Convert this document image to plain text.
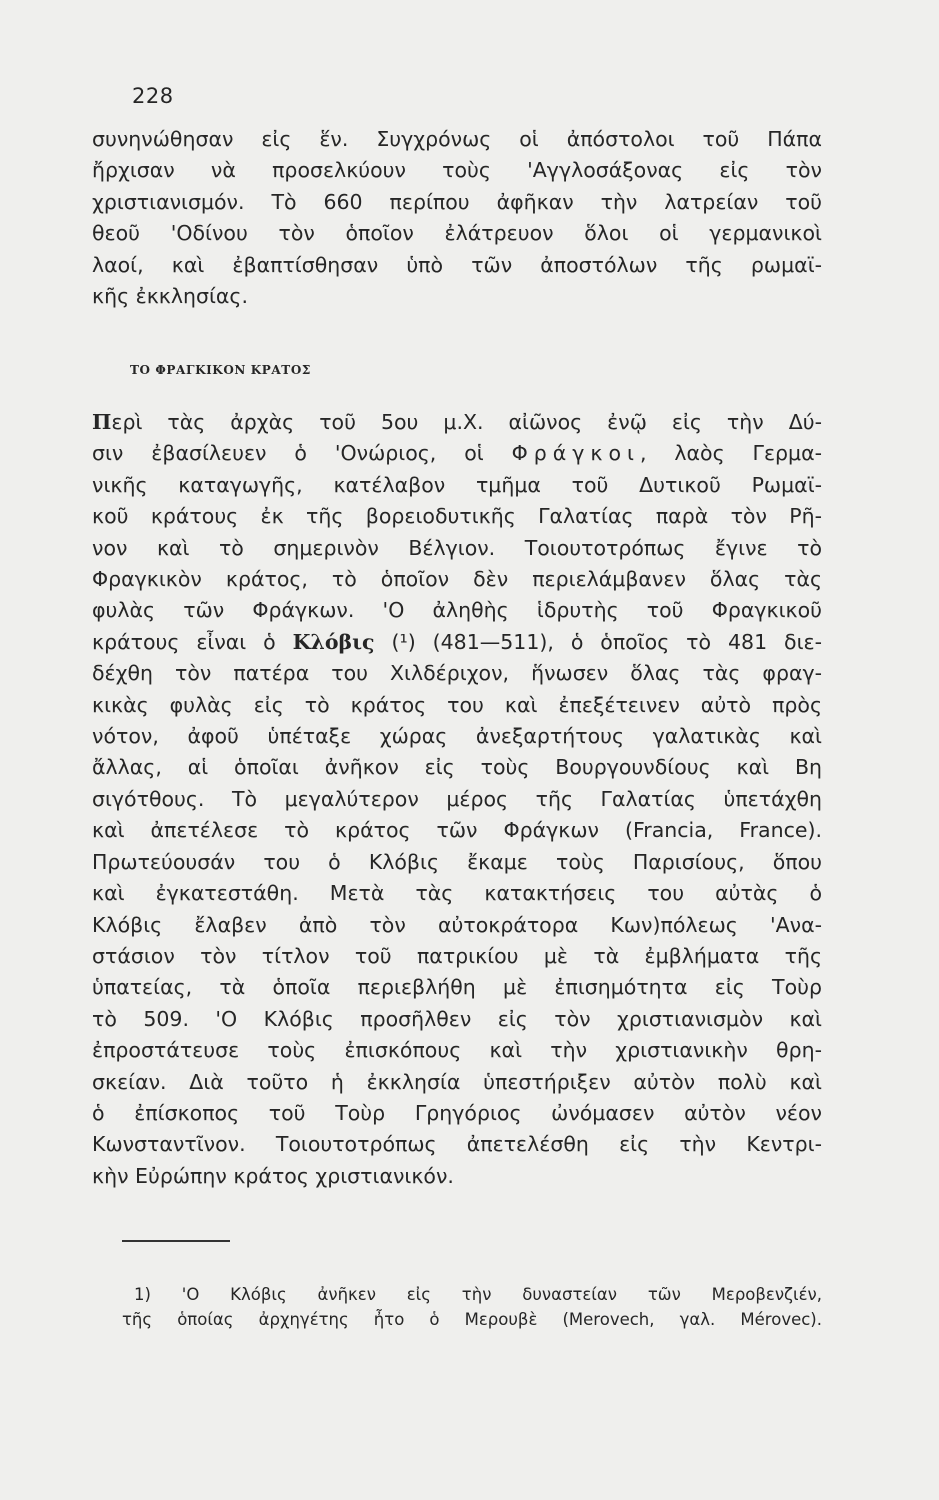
228
συνηνώθησαν εἰς ἕν. Συγχρόνως οἱ ἀπόστολοι τοῦ Πάπα
ἤρχισαν νὰ προσελκύουν τοὺς 'Αγγλοσάξονας εἰς τὸν
χριστιανισμόν. Τὸ 660 περίπου ἀφῆκαν τὴν λατρείαν τοῦ
θεοῦ 'Οδίνου τὸν ὁποῖον ἐλάτρευον ὅλοι οἱ γερμανικοὶ
λαοί, καὶ ἐβαπτίσθησαν ὑπὸ τῶν ἀποστόλων τῆς ρωμαϊ-
κῆς ἐκκλησίας.
ΤΟ ΦΡΑΓΚΙΚΟΝ ΚΡΑΤΟΣ
Περὶ τὰς ἀρχὰς τοῦ 5ου μ.Χ. αἰῶνος ἐνῷ εἰς τὴν Δύ-
σιν ἐβασίλευεν ὁ 'Ονώριος, οἱ Φράγκοι, λαὸς Γερμα-
νικῆς καταγωγῆς, κατέλαβον τμῆμα τοῦ Δυτικοῦ Ρωμαϊ-
κοῦ κράτους ἐκ τῆς βορειοδυτικῆς Γαλατίας παρὰ τὸν Ρῆ-
νον καὶ τὸ σημερινὸν Βέλγιον. Τοιουτοτρόπως ἔγινε τὸ
Φραγκικὸν κράτος, τὸ ὁποῖον δὲν περιελάμβανεν ὅλας τὰς
φυλὰς τῶν Φράγκων. 'Ο ἀληθὴς ἱδρυτὴς τοῦ Φραγκικοῦ
κράτους εἶναι ὁ Κλόβις (¹) (481—511), ὁ ὁποῖος τὸ 481 διε-
δέχθη τὸν πατέρα του Χιλδέριχον, ἥνωσεν ὅλας τὰς φραγ-
κικὰς φυλὰς εἰς τὸ κράτος του καὶ ἐπεξέτεινεν αὐτὸ πρὸς
νότον, ἀφοῦ ὑπέταξε χώρας ἀνεξαρτήτους γαλατικὰς καὶ
ἄλλας, αἱ ὁποῖαι ἀνῆκον εἰς τοὺς Βουργουνδίους καὶ Βη
σιγότθους. Τὸ μεγαλύτερον μέρος τῆς Γαλατίας ὑπετάχθη
καὶ ἀπετέλεσε τὸ κράτος τῶν Φράγκων (Francia, France).
Πρωτεύουσάν του ὁ Κλόβις ἔκαμε τοὺς Παρισίους, ὅπου
καὶ ἐγκατεστάθη. Μετὰ τὰς κατακτήσεις του αὐτὰς ὁ
Κλόβις ἔλαβεν ἀπὸ τὸν αὐτοκράτορα Κων)πόλεως 'Ανα-
στάσιον τὸν τίτλον τοῦ πατρικίου μὲ τὰ ἐμβλήματα τῆς
ὑπατείας, τὰ ὁποῖα περιεβλήθη μὲ ἐπισημότητα εἰς Τοὺρ
τὸ 509. 'Ο Κλόβις προσῆλθεν εἰς τὸν χριστιανισμὸν καὶ
ἐπροστάτευσε τοὺς ἐπισκόπους καὶ τὴν χριστιανικὴν θρη-
σκείαν. Διὰ τοῦτο ἡ ἐκκλησία ὑπεστήριξεν αὐτὸν πολὺ καὶ
ὁ ἐπίσκοπος τοῦ Τοὺρ Γρηγόριος ὠνόμασεν αὐτὸν νέον
Κωνσταντῖνον. Τοιουτοτρόπως ἀπετελέσθη εἰς τὴν Κεντρι-
κὴν Εὐρώπην κράτος χριστιανικόν.
1) 'Ο Κλόβις ἀνῆκεν εἰς τὴν δυναστείαν τῶν Μεροβενζιέν,
τῆς ὁποίας ἀρχηγέτης ἦτο ὁ Μερουβὲ (Merovech, γαλ. Mérovec).
